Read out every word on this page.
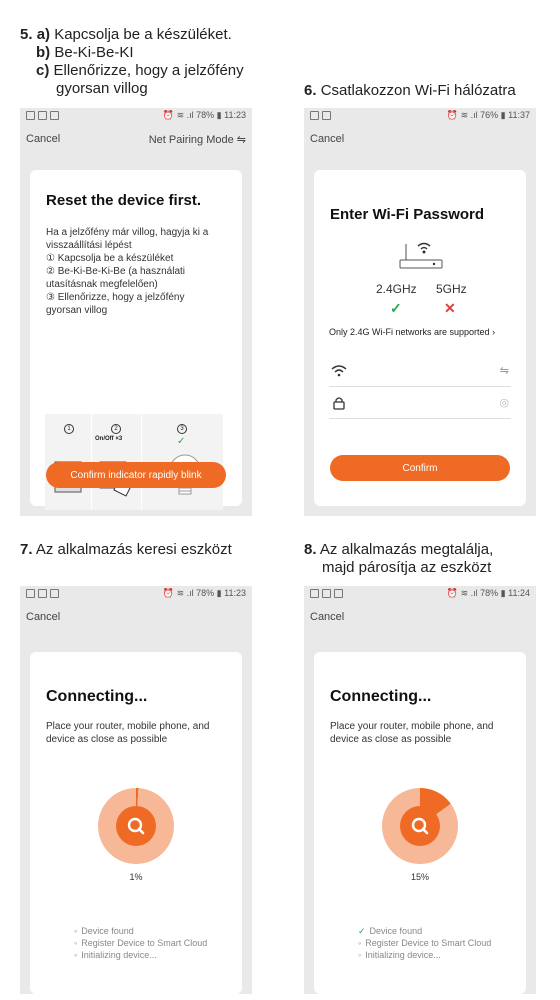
5. a) Kapcsolja be a készüléket.
b) Be-Ki-Be-KI
c) Ellenőrizze, hogy a jelzőfény
gyorsan villog	6. Csatlakozzon Wi-Fi hálózatra
7. Az alkalmazás keresi eszközt	8. Az alkalmazás megtalálja,
majd párosítja az eszközt
⏰ ≋ .ıl 78% ▮ 11:23
Cancel	Net Pairing Mode ⇋
Reset the device first.
Ha a jelzőfény már villog, hagyja ki a
visszaállítási lépést
① Kapcsolja be a készüléket
② Be-Ki-Be-Ki-Be (a használati
utasításnak megfelelően)
③ Ellenőrizze, hogy a jelzőfény
gyorsan villog
1	2
On/Off ×3
3
✓
Confirm indicator rapidly blink
⏰ ≋ .ıl 76% ▮ 11:37
Cancel
Enter Wi-Fi Password
2.4GHz 5GHz
✓	✕
Only 2.4G Wi-Fi networks are supported ›
⇋
◎
Confirm
⏰ ≋ .ıl 78% ▮ 11:23
Cancel
Connecting...
Place your router, mobile phone, and
device as close as possible
1%
◦ Device found
◦ Register Device to Smart Cloud
◦ Initializing device...
⏰ ≋ .ıl 78% ▮ 11:24
Cancel
Connecting...
Place your router, mobile phone, and
device as close as possible
15%
✓ Device found
◦ Register Device to Smart Cloud
◦ Initializing device...
